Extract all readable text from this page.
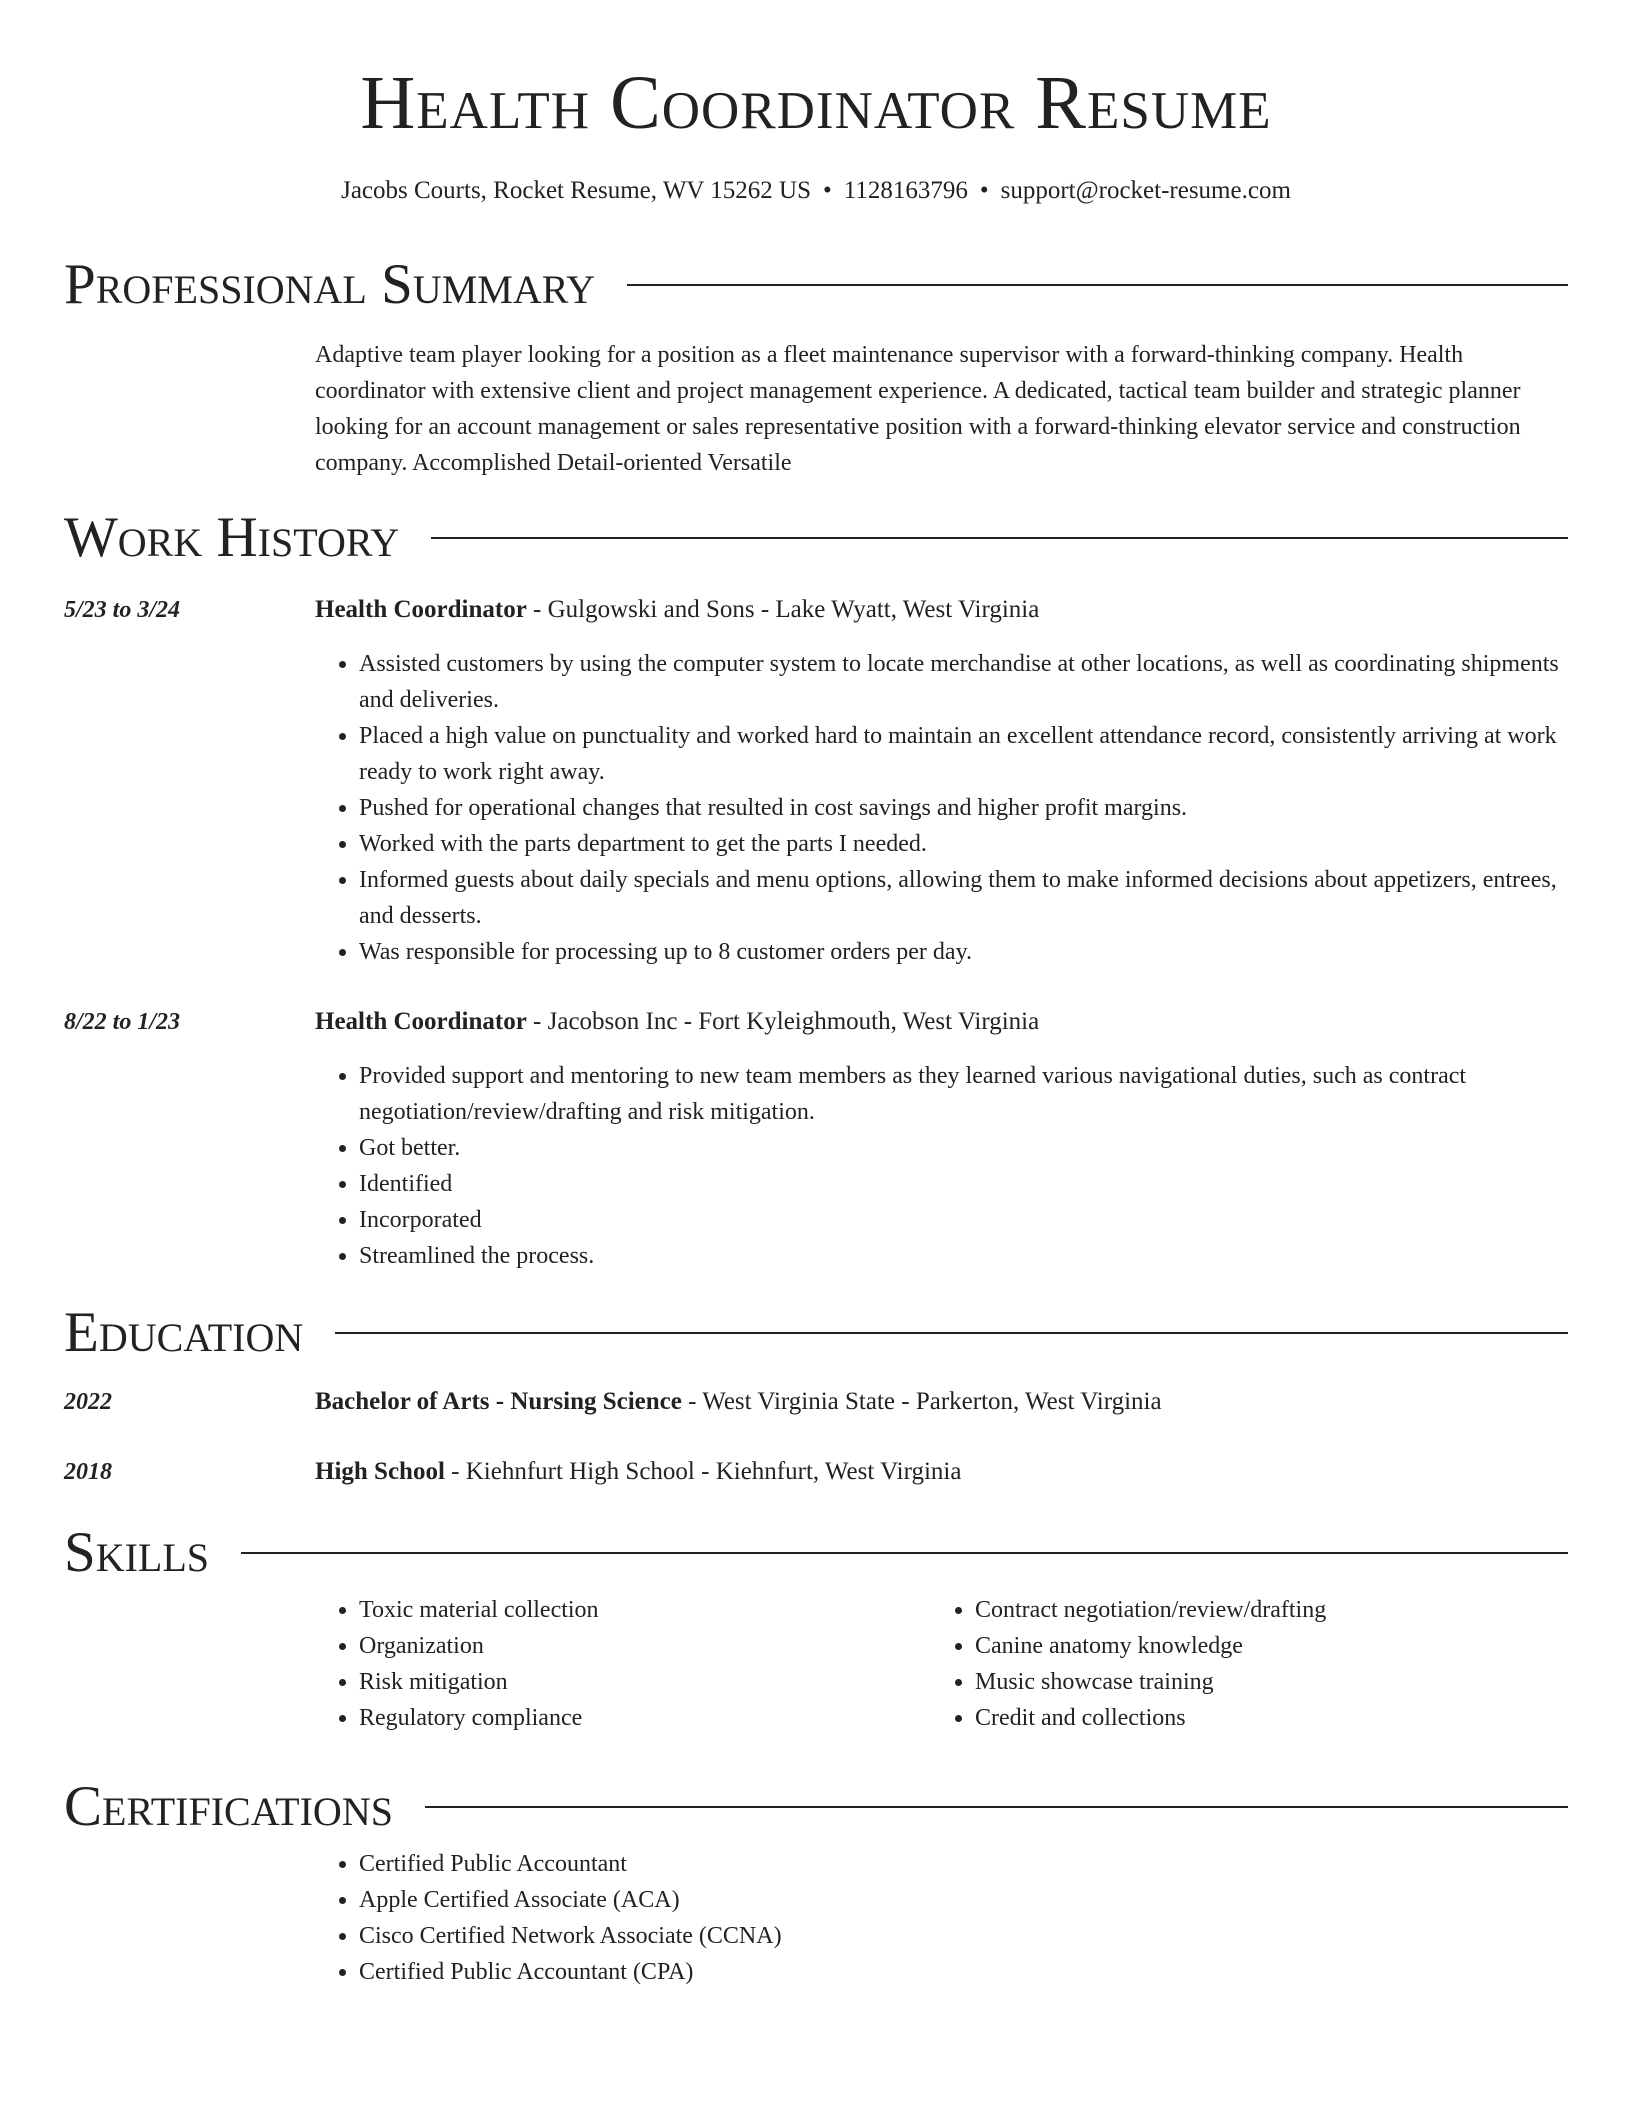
Health Coordinator Resume
Jacobs Courts, Rocket Resume, WV 15262 US • 1128163796 • support@rocket-resume.com
Professional Summary
Adaptive team player looking for a position as a fleet maintenance supervisor with a forward-thinking company. Health coordinator with extensive client and project management experience. A dedicated, tactical team builder and strategic planner looking for an account management or sales representative position with a forward-thinking elevator service and construction company. Accomplished Detail-oriented Versatile
Work History
5/23 to 3/24	Health Coordinator - Gulgowski and Sons - Lake Wyatt, West Virginia
• Assisted customers by using the computer system to locate merchandise at other locations, as well as coordinating shipments and deliveries.
• Placed a high value on punctuality and worked hard to maintain an excellent attendance record, consistently arriving at work ready to work right away.
• Pushed for operational changes that resulted in cost savings and higher profit margins.
• Worked with the parts department to get the parts I needed.
• Informed guests about daily specials and menu options, allowing them to make informed decisions about appetizers, entrees, and desserts.
• Was responsible for processing up to 8 customer orders per day.
8/22 to 1/23	Health Coordinator - Jacobson Inc - Fort Kyleighmouth, West Virginia
• Provided support and mentoring to new team members as they learned various navigational duties, such as contract negotiation/review/drafting and risk mitigation.
• Got better.
• Identified
• Incorporated
• Streamlined the process.
Education
2022	Bachelor of Arts - Nursing Science - West Virginia State - Parkerton, West Virginia
2018	High School - Kiehnfurt High School - Kiehnfurt, West Virginia
Skills
• Toxic material collection
• Organization
• Risk mitigation
• Regulatory compliance
• Contract negotiation/review/drafting
• Canine anatomy knowledge
• Music showcase training
• Credit and collections
Certifications
• Certified Public Accountant
• Apple Certified Associate (ACA)
• Cisco Certified Network Associate (CCNA)
• Certified Public Accountant (CPA)
